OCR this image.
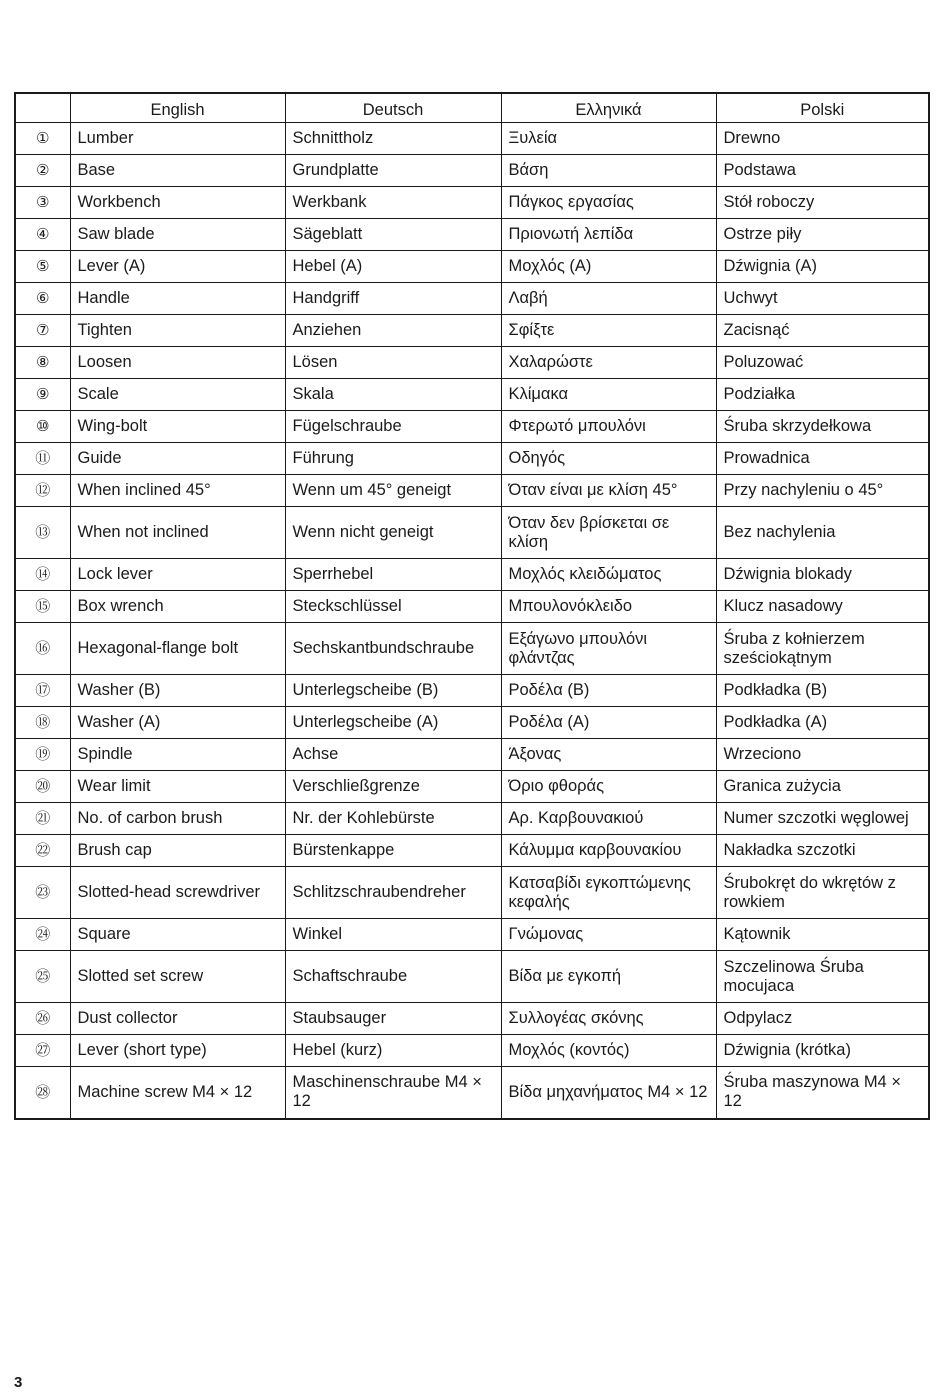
	English	Deutsch	Ελληνικά	Polski
①	Lumber	Schnittholz	Ξυλεία	Drewno
②	Base	Grundplatte	Βάση	Podstawa
③	Workbench	Werkbank	Πάγκος εργασίας	Stół roboczy
④	Saw blade	Sägeblatt	Πριονωτή λεπίδα	Ostrze piły
⑤	Lever (A)	Hebel (A)	Μοχλός (A)	Dźwignia (A)
⑥	Handle	Handgriff	Λαβή	Uchwyt
⑦	Tighten	Anziehen	Σφίξτε	Zacisnąć
⑧	Loosen	Lösen	Χαλαρώστε	Poluzować
⑨	Scale	Skala	Κλίμακα	Podziałka
⑩	Wing-bolt	Fügelschraube	Φτερωτό μπουλόνι	Śruba skrzydełkowa
⑪	Guide	Führung	Οδηγός	Prowadnica
⑫	When inclined 45°	Wenn um 45° geneigt	Όταν είναι με κλίση 45°	Przy nachyleniu o 45°
⑬	When not inclined	Wenn nicht geneigt	Όταν δεν βρίσκεται σε κλίση	Bez nachylenia
⑭	Lock lever	Sperrhebel	Μοχλός κλειδώματος	Dźwignia blokady
⑮	Box wrench	Steckschlüssel	Μπουλονόκλειδο	Klucz nasadowy
⑯	Hexagonal-flange bolt	Sechskantbundschraube	Εξάγωνο μπουλόνι φλάντζας	Śruba z kołnierzem sześciokątnym
⑰	Washer (B)	Unterlegscheibe (B)	Ροδέλα (B)	Podkładka (B)
⑱	Washer (A)	Unterlegscheibe (A)	Ροδέλα (A)	Podkładka (A)
⑲	Spindle	Achse	Άξονας	Wrzeciono
⑳	Wear limit	Verschließgrenze	Όριο φθοράς	Granica zużycia
㉑	No. of carbon brush	Nr. der Kohlebürste	Αρ. Καρβουνακιού	Numer szczotki węglowej
㉒	Brush cap	Bürstenkappe	Κάλυμμα καρβουνακίου	Nakładka szczotki
㉓	Slotted-head screwdriver	Schlitzschraubendreher	Κατσαβίδι εγκοπτώμενης κεφαλής	Śrubokręt do wkrętów z rowkiem
㉔	Square	Winkel	Γνώμονας	Kątownik
㉕	Slotted set screw	Schaftschraube	Βίδα με εγκοπή	Szczelinowa Śruba mocujaca
㉖	Dust collector	Staubsauger	Συλλογέας σκόνης	Odpylacz
㉗	Lever (short type)	Hebel (kurz)	Μοχλός (κοντός)	Dźwignia (krótka)
㉘	Machine screw M4 × 12	Maschinenschraube M4 × 12	Βίδα μηχανήματος M4 × 12	Śruba maszynowa M4 × 12
3
